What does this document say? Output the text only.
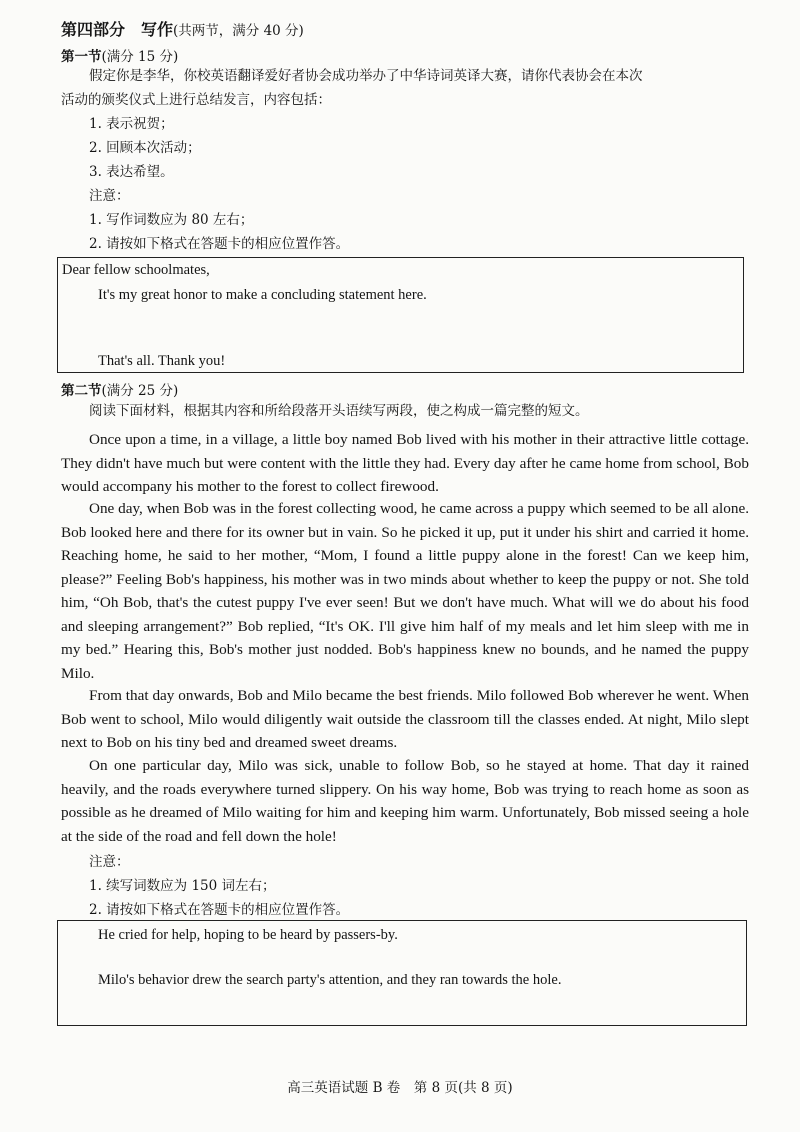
第四部分　写作(共两节，满分 40 分)
第一节(满分 15 分)
假定你是李华，你校英语翻译爱好者协会成功举办了中华诗词英译大赛，请你代表协会在本次
活动的颁奖仪式上进行总结发言，内容包括：
1. 表示祝贺；
2. 回顾本次活动；
3. 表达希望。
注意：
1. 写作词数应为 80 左右；
2. 请按如下格式在答题卡的相应位置作答。
Dear fellow schoolmates,
It's my great honor to make a concluding statement here.
That's all. Thank you!
第二节(满分 25 分)
阅读下面材料，根据其内容和所给段落开头语续写两段，使之构成一篇完整的短文。
Once upon a time, in a village, a little boy named Bob lived with his mother in their attractive little cottage. They didn't have much but were content with the little they had. Every day after he came home from school, Bob would accompany his mother to the forest to collect firewood.
One day, when Bob was in the forest collecting wood, he came across a puppy which seemed to be all alone. Bob looked here and there for its owner but in vain. So he picked it up, put it under his shirt and carried it home. Reaching home, he said to her mother, “Mom, I found a little puppy alone in the forest! Can we keep him, please?” Feeling Bob's happiness, his mother was in two minds about whether to keep the puppy or not. She told him, “Oh Bob, that's the cutest puppy I've ever seen! But we don't have much. What will we do about his food and sleeping arrangement?” Bob replied, “It's OK. I'll give him half of my meals and let him sleep with me in my bed.” Hearing this, Bob's mother just nodded. Bob's happiness knew no bounds, and he named the puppy Milo.
From that day onwards, Bob and Milo became the best friends. Milo followed Bob wherever he went. When Bob went to school, Milo would diligently wait outside the classroom till the classes ended. At night, Milo slept next to Bob on his tiny bed and dreamed sweet dreams.
On one particular day, Milo was sick, unable to follow Bob, so he stayed at home. That day it rained heavily, and the roads everywhere turned slippery. On his way home, Bob was trying to reach home as soon as possible as he dreamed of Milo waiting for him and keeping him warm. Unfortunately, Bob missed seeing a hole at the side of the road and fell down the hole!
注意：
1. 续写词数应为 150 词左右；
2. 请按如下格式在答题卡的相应位置作答。
He cried for help, hoping to be heard by passers-by.
Milo's behavior drew the search party's attention, and they ran towards the hole.
高三英语试题 B 卷　第 8 页(共 8 页)
